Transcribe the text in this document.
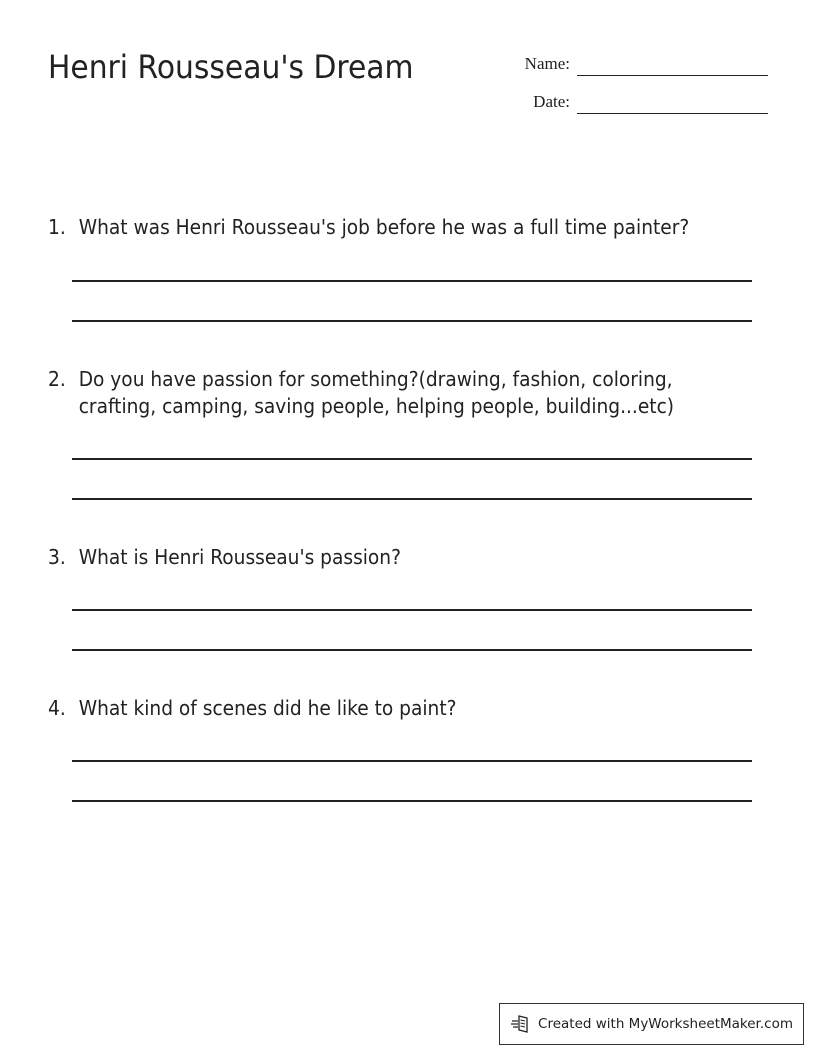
Henri Rousseau's Dream	Name:
Date:
1. What was Henri Rousseau's job before he was a full time painter?
2. Do you have passion for something?(drawing, fashion, coloring, crafting, camping, saving people, helping people, building...etc)
3. What is Henri Rousseau's passion?
4. What kind of scenes did he like to paint?
Created with MyWorksheetMaker.com
